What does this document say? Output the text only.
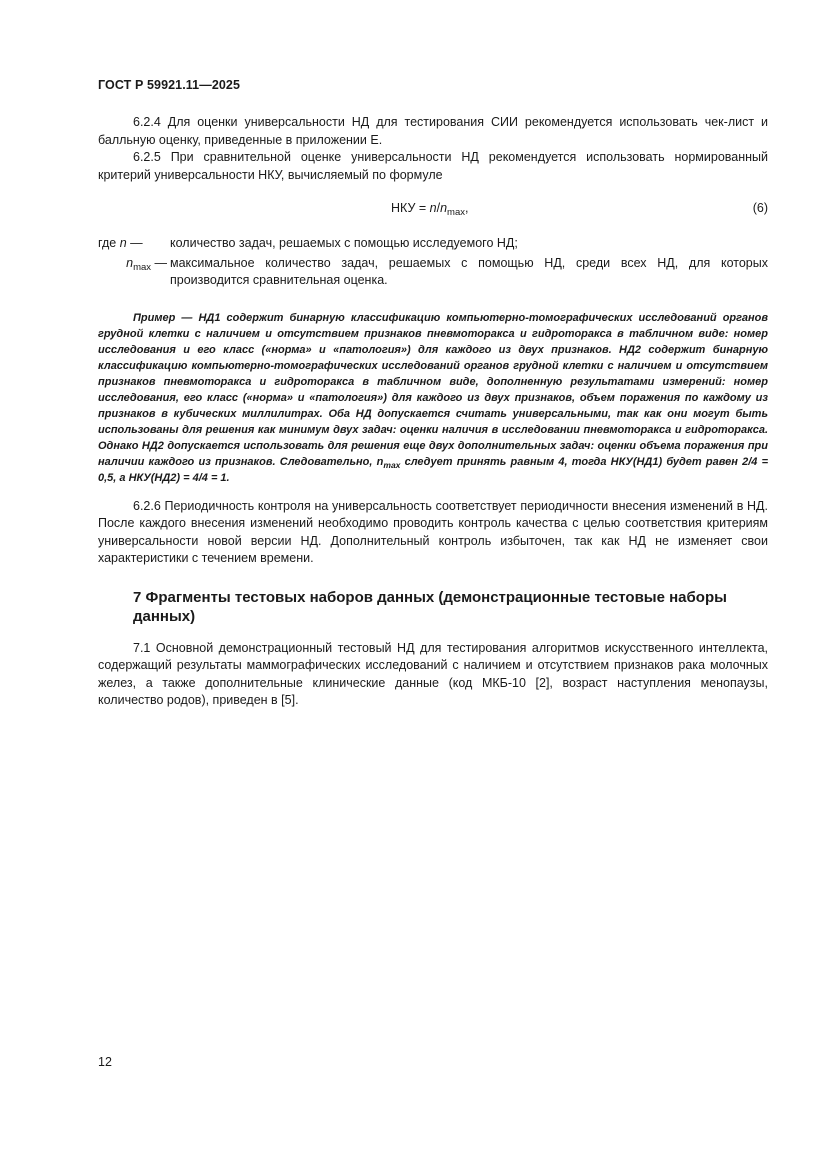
ГОСТ Р 59921.11—2025

6.2.4 Для оценки универсальности НД для тестирования СИИ рекомендуется использовать чек-лист и балльную оценку, приведенные в приложении Е.

6.2.5 При сравнительной оценке универсальности НД рекомендуется использовать нормированный критерий универсальности НКУ, вычисляемый по формуле

НКУ = $n/n_{max}$,	(6)
где n —	количество задач, решаемых с помощью исследуемого НД;
$n_{max}$ — максимальное количество задач, решаемых с помощью НД, среди всех НД, для которых производится сравнительная оценка.

Пример — НД1 содержит бинарную классификацию компьютерно-томографических исследований органов грудной клетки с наличием и отсутствием признаков пневмоторакса и гидроторакса в табличном виде: номер исследования и его класс («норма» и «патология») для каждого из двух признаков. НД2 содержит бинарную классификацию компьютерно-томографических исследований органов грудной клетки с наличием и отсутствием признаков пневмоторакса и гидроторакса в табличном виде, дополненную результатами измерений: номер исследования, его класс («норма» и «патология») для каждого из двух признаков, объем поражения по каждому из признаков в кубических миллилитрах. Оба НД допускается считать универсальными, так как они могут быть использованы для решения как минимум двух задач: оценки наличия в исследовании пневмоторакса и гидроторакса. Однако НД2 допускается использовать для решения еще двух дополнительных задач: оценки объема поражения при наличии каждого из признаков. Следовательно, $n_{max}$ следует принять равным 4, тогда НКУ(НД1) будет равен 2/4 = 0,5, а НКУ(НД2) = 4/4 = 1.

6.2.6 Периодичность контроля на универсальность соответствует периодичности внесения изменений в НД. После каждого внесения изменений необходимо проводить контроль качества с целью соответствия критериям универсальности новой версии НД. Дополнительный контроль избыточен, так как НД не изменяет свои характеристики с течением времени.

7 Фрагменты тестовых наборов данных (демонстрационные тестовые наборы данных)

7.1 Основной демонстрационный тестовый НД для тестирования алгоритмов искусственного интеллекта, содержащий результаты маммографических исследований с наличием и отсутствием признаков рака молочных желез, а также дополнительные клинические данные (код МКБ-10 [2], возраст наступления менопаузы, количество родов), приведен в [5].

12
